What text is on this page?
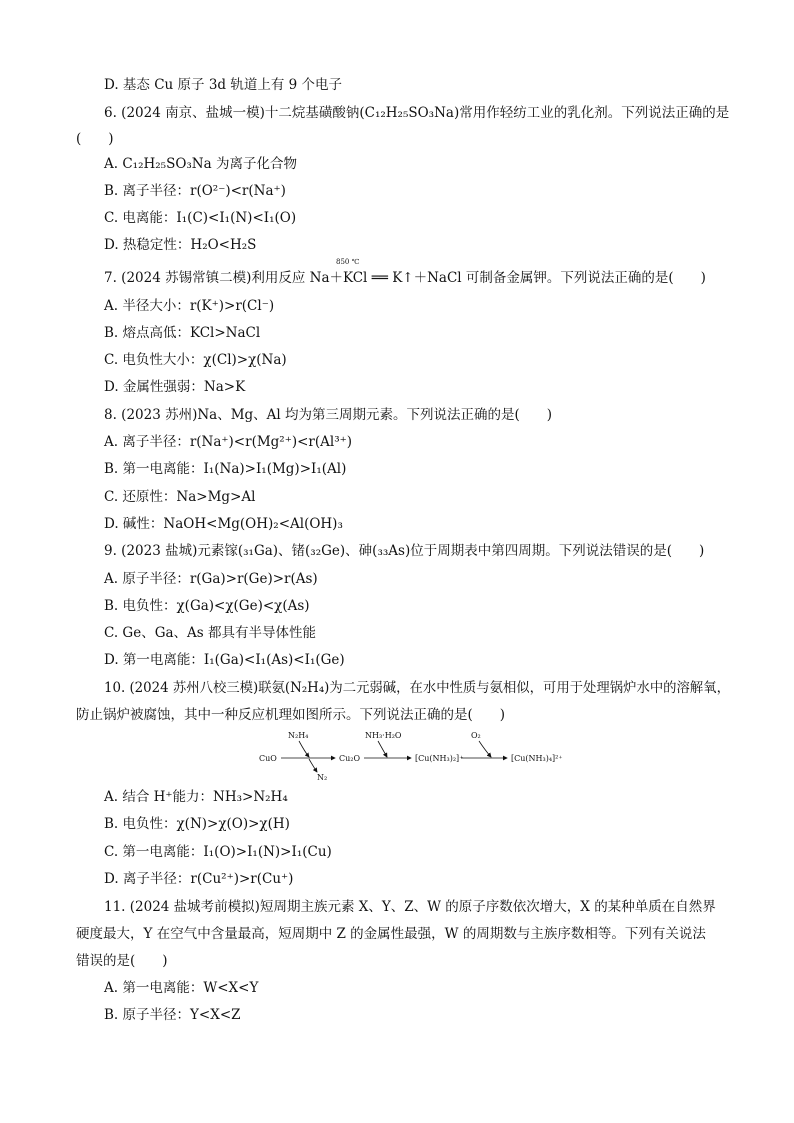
D. 基态 Cu 原子 3d 轨道上有 9 个电子
6. (2024 南京、盐城一模)十二烷基磺酸钠(C₁₂H₂₅SO₃Na)常用作轻纺工业的乳化剂。下列说法正确的是
(　　)
A. C₁₂H₂₅SO₃Na 为离子化合物
B. 离子半径：r(O²⁻)<r(Na⁺)
C. 电离能：I₁(C)<I₁(N)<I₁(O)
D. 热稳定性：H₂O<H₂S
850 ℃
7. (2024 苏锡常镇二模)利用反应 Na＋KCl ══ K↑＋NaCl 可制备金属钾。下列说法正确的是(　　)
A. 半径大小：r(K⁺)>r(Cl⁻)
B. 熔点高低：KCl>NaCl
C. 电负性大小：χ(Cl)>χ(Na)
D. 金属性强弱：Na>K
8. (2023 苏州)Na、Mg、Al 均为第三周期元素。下列说法正确的是(　　)
A. 离子半径：r(Na⁺)<r(Mg²⁺)<r(Al³⁺)
B. 第一电离能：I₁(Na)>I₁(Mg)>I₁(Al)
C. 还原性：Na>Mg>Al
D. 碱性：NaOH<Mg(OH)₂<Al(OH)₃
9. (2023 盐城)元素镓(₃₁Ga)、锗(₃₂Ge)、砷(₃₃As)位于周期表中第四周期。下列说法错误的是(　　)
A. 原子半径：r(Ga)>r(Ge)>r(As)
B. 电负性：χ(Ga)<χ(Ge)<χ(As)
C. Ge、Ga、As 都具有半导体性能
D. 第一电离能：I₁(Ga)<I₁(As)<I₁(Ge)
10. (2024 苏州八校三模)联氨(N₂H₄)为二元弱碱，在水中性质与氨相似，可用于处理锅炉水中的溶解氧，
防止锅炉被腐蚀，其中一种反应机理如图所示。下列说法正确的是(　　)
CuO
N₂H₄
N₂
Cu₂O
NH₃·H₂O
[Cu(NH₃)₂]⁺
O₂
[Cu(NH₃)₄]²⁺
A. 结合 H⁺能力：NH₃>N₂H₄
B. 电负性：χ(N)>χ(O)>χ(H)
C. 第一电离能：I₁(O)>I₁(N)>I₁(Cu)
D. 离子半径：r(Cu²⁺)>r(Cu⁺)
11. (2024 盐城考前模拟)短周期主族元素 X、Y、Z、W 的原子序数依次增大，X 的某种单质在自然界
硬度最大，Y 在空气中含量最高，短周期中 Z 的金属性最强，W 的周期数与主族序数相等。下列有关说法
错误的是(　　)
A. 第一电离能：W<X<Y
B. 原子半径：Y<X<Z
